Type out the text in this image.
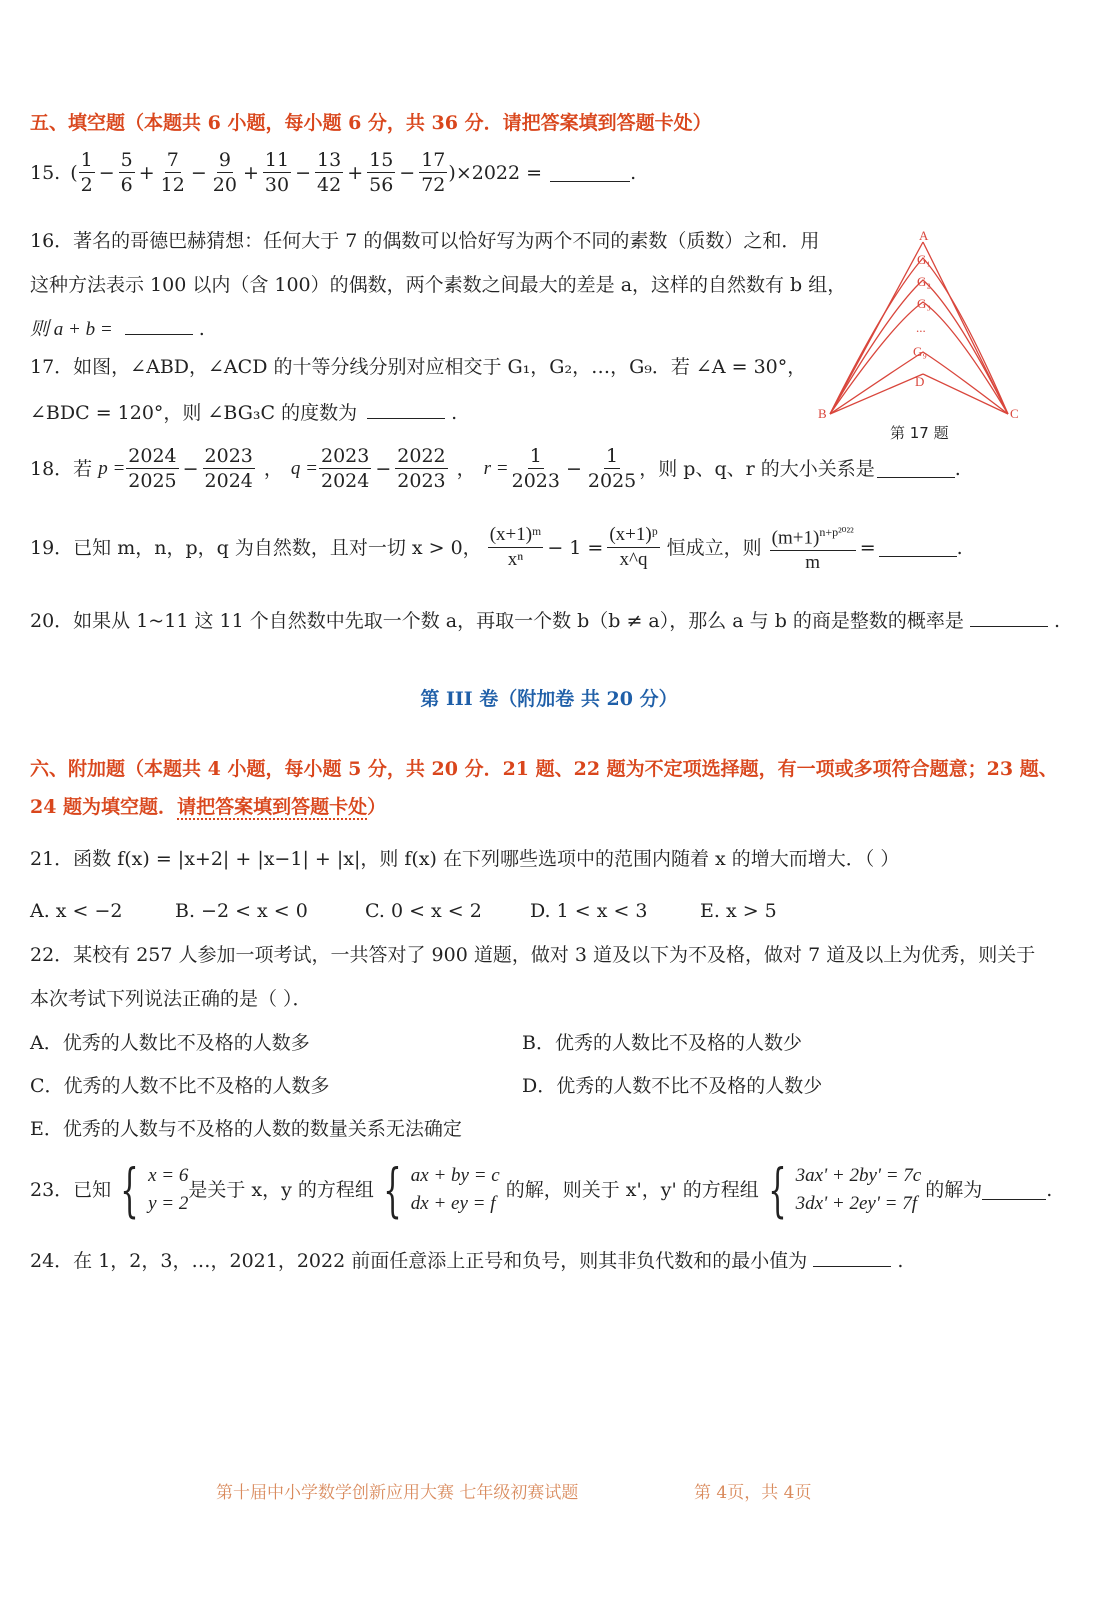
五、填空题（本题共 6 小题，每小题 6 分，共 36 分．请把答案填到答题卡处）
15. ( $\frac{1}{2} - \frac{5}{6} + \frac{7}{12} - \frac{9}{20} + \frac{11}{30} - \frac{13}{42} + \frac{15}{56} - \frac{17}{72} )\times 2022$ =	.
16．著名的哥德巴赫猜想：任何大于 7 的偶数可以恰好写为两个不同的素数（质数）之和．用
这种方法表示 100 以内（含 100）的偶数，两个素数之间最大的差是 a，这样的自然数有 b 组，
则 a + b =	.
17．如图，∠ABD，∠ACD 的十等分线分别对应相交于 G₁，G₂，…，G₉．若 ∠A = 30°，
∠BDC = 120°，则 ∠BG₃C 的度数为	.
A
G₁
G₂
G₃
...
G₉
D
B	C
第 17 题
18．若 $p = \frac{2024}{2025} - \frac{2023}{2024}$ ， $q = \frac{2023}{2024} - \frac{2022}{2023}$ ， $r = \frac{1}{2023} - \frac{1}{2025}$ ，则 p、q、r 的大小关系是	.
19．已知 m，n，p，q 为自然数，且对一切 x > 0， $\frac{\text{(x+1)ᵐ}}{\text{xⁿ}} - 1 = \frac{\text{(x+1)ᵖ}}{x\^{}q}$ 恒成立，则 $\frac{(m+1)^{n+p^{2022}}}{m}$ =	.
20．如果从 1~11 这 11 个自然数中先取一个数 a，再取一个数 b（b ≠ a），那么 a 与 b 的商是整数的概率是	.
第 III 卷（附加卷 共 20 分）
六、附加题（本题共 4 小题，每小题 5 分，共 20 分．21 题、22 题为不定项选择题，有一项或多项符合题意；23 题、
24 题为填空题．请把答案填到答题卡处）
21．函数 f(x) = |x+2| + |x−1| + |x|，则 f(x) 在下列哪些选项中的范围内随着 x 的增大而增大．（ ）
A. x < −2	B. −2 < x < 0	C. 0 < x < 2	D. 1 < x < 3	E. x > 5
22．某校有 257 人参加一项考试，一共答对了 900 道题，做对 3 道及以下为不及格，做对 7 道及以上为优秀，则关于
本次考试下列说法正确的是（ ）．
A．优秀的人数比不及格的人数多	B．优秀的人数比不及格的人数少
C．优秀的人数不比不及格的人数多	D．优秀的人数不比不及格的人数少
E．优秀的人数与不及格的人数的数量关系无法确定
23．已知 { x = 6
y = 2
是关于 x，y 的方程组 { ax + by = c
dx + ey = f
的解，则关于 x'，y' 的方程组 { 3ax' + 2by' = 7c
3dx' + 2ey' = 7f
的解为	.
24．在 1，2，3，…，2021，2022 前面任意添上正号和负号，则其非负代数和的最小值为	.
第十届中小学数学创新应用大赛 七年级初赛试题	第 4页，共 4页
